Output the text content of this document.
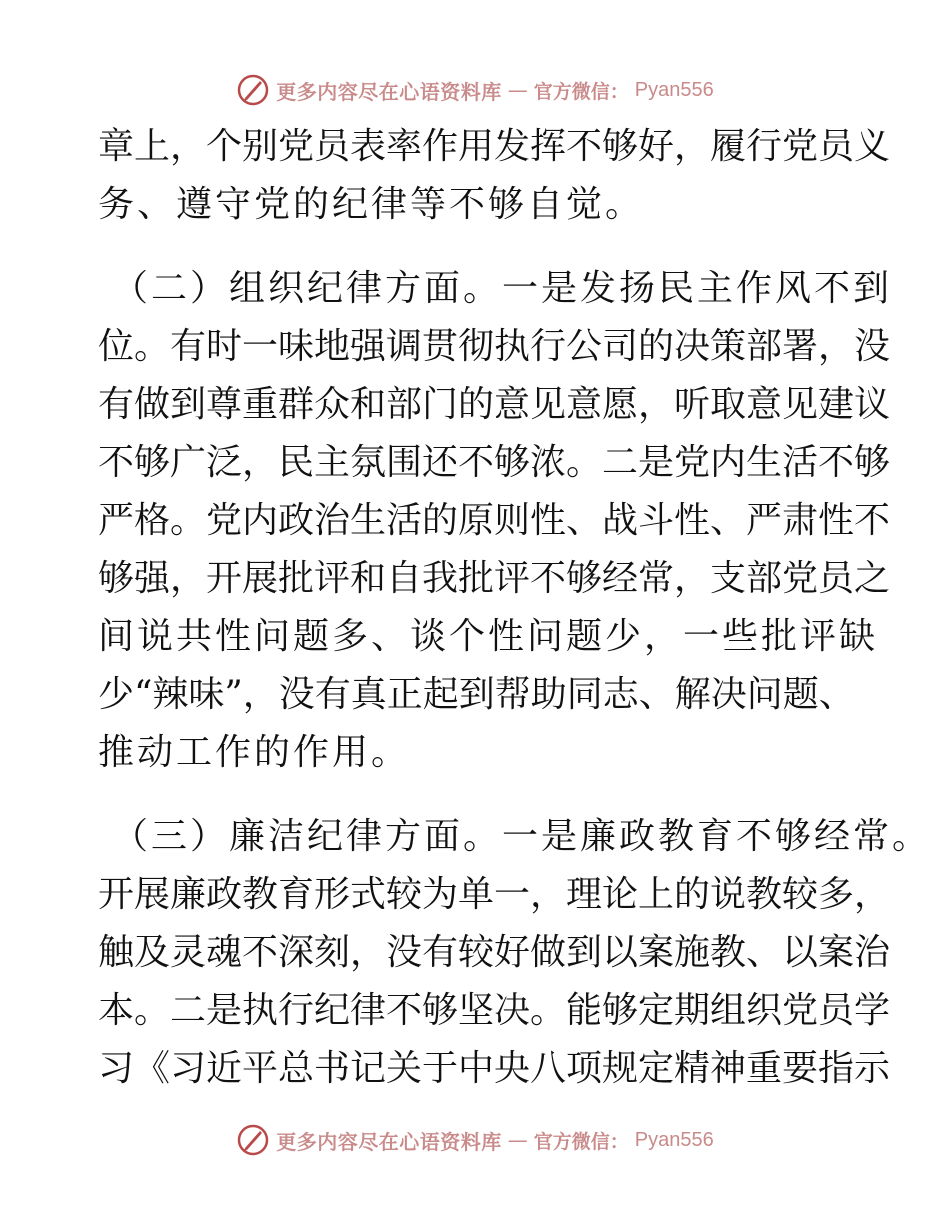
更多内容尽在心语资料库 — 官方微信： Pyan556
章上，个别党员表率作用发挥不够好，履行党员义
务、遵守党的纪律等不够自觉。
（二）组织纪律方面。一是发扬民主作风不到
位。有时一味地强调贯彻执行公司的决策部署，没
有做到尊重群众和部门的意见意愿，听取意见建议
不够广泛，民主氛围还不够浓。二是党内生活不够
严格。党内政治生活的原则性、战斗性、严肃性不
够强，开展批评和自我批评不够经常，支部党员之
间说共性问题多、谈个性问题少，一些批评缺
少“辣味”，没有真正起到帮助同志、解决问题、
推动工作的作用。
（三）廉洁纪律方面。一是廉政教育不够经常。
开展廉政教育形式较为单一，理论上的说教较多，
触及灵魂不深刻，没有较好做到以案施教、以案治
本。二是执行纪律不够坚决。能够定期组织党员学
习《习近平总书记关于中央八项规定精神重要指示
更多内容尽在心语资料库 — 官方微信： Pyan556
